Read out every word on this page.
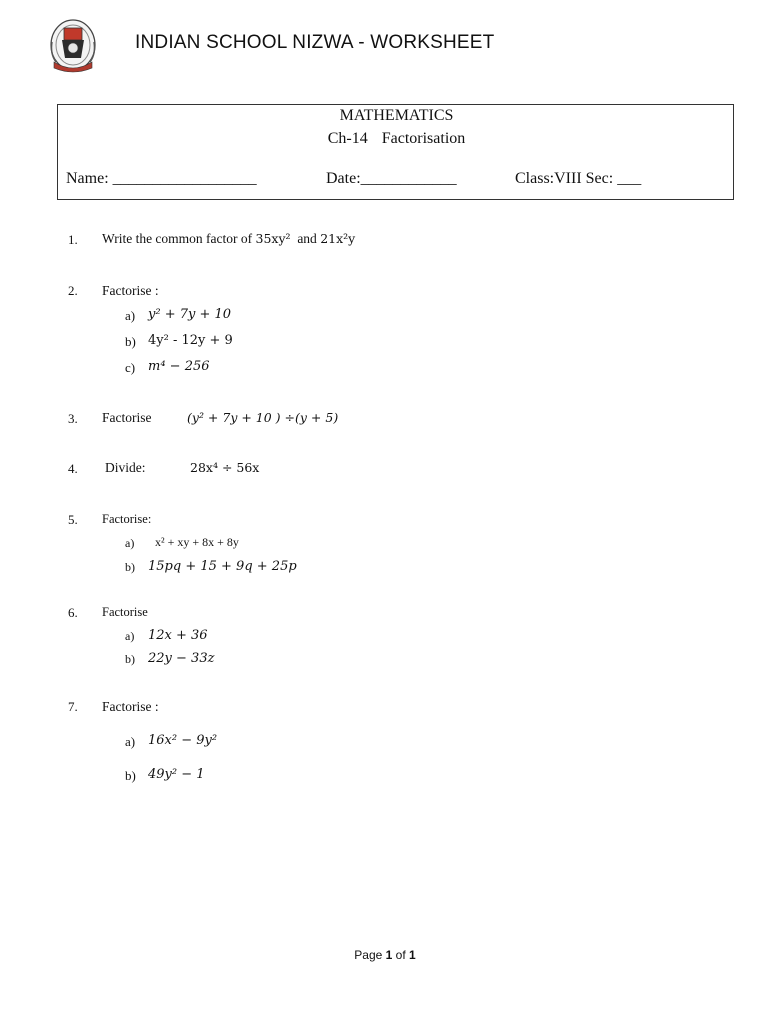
INDIAN SCHOOL NIZWA - WORKSHEET
MATHEMATICS
Ch-14 Factorisation
Name: __________________	Date:____________	Class:VIII Sec: ___
1. Write the common factor of 35xy² and 21x²y
2. Factorise :
a) y² + 7y + 10
b) 4y² - 12y + 9
c) m⁴ − 256
3. Factorise	(y² + 7y + 10 ) ÷(y + 5)
4. Divide:	28x⁴ ÷ 56x
5. Factorise:
a) x² + xy + 8x + 8y
b) 15pq + 15 + 9q + 25p
6. Factorise
a) 12x + 36
b) 22y − 33z
7. Factorise :
a) 16x² − 9y²
b) 49y² − 1
Page 1 of 1
